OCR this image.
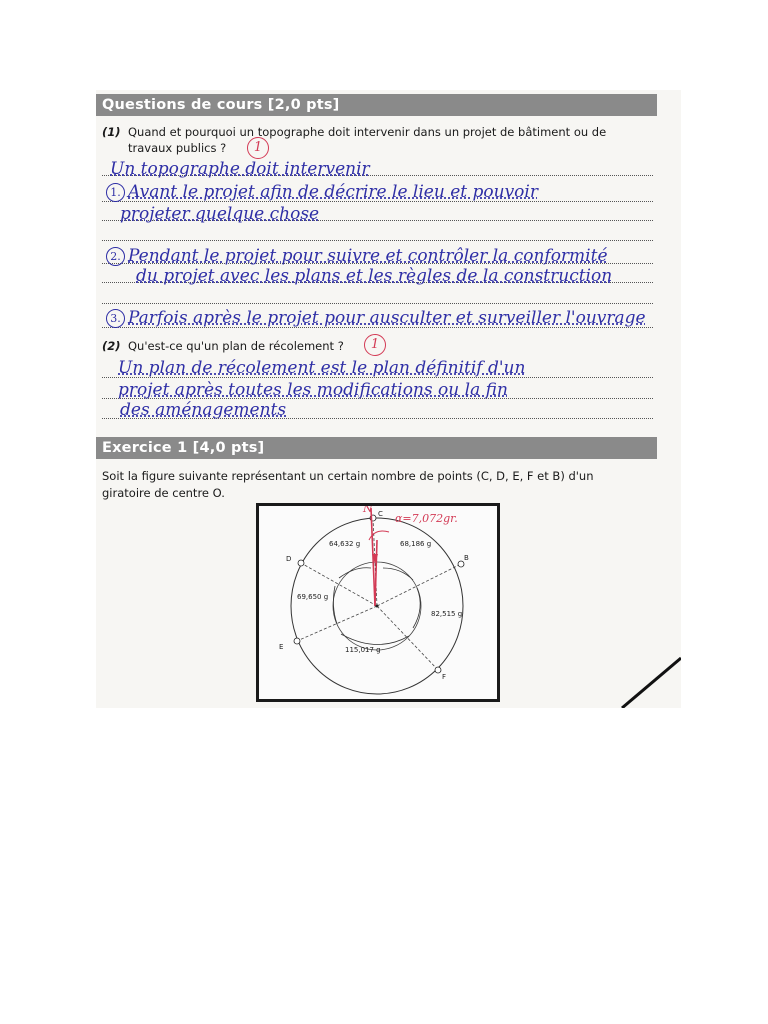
Questions de cours [2,0 pts]
(1) Quand et pourquoi un topographe doit intervenir dans un projet de bâtiment ou de
travaux publics ?	1
Un topographe doit intervenir
1. Avant le projet afin de décrire le lieu et pouvoir
projeter quelque chose
2. Pendant le projet pour suivre et contrôler la conformité
du projet avec les plans et les règles de la construction
3. Parfois après le projet pour ausculter et surveiller l'ouvrage
(2) Qu'est-ce qu'un plan de récolement ?	1
Un plan de récolement est le plan définitif d'un
projet après toutes les modifications ou la fin
des aménagements
Exercice 1 [4,0 pts]
Soit la figure suivante représentant un certain nombre de points (C, D, E, F et B) d'un
giratoire de centre O.
C
D	B
E
F
64,632 g	68,186 g
69,650 g
82,515 g
115,017 g
N
α=7,072gr.
